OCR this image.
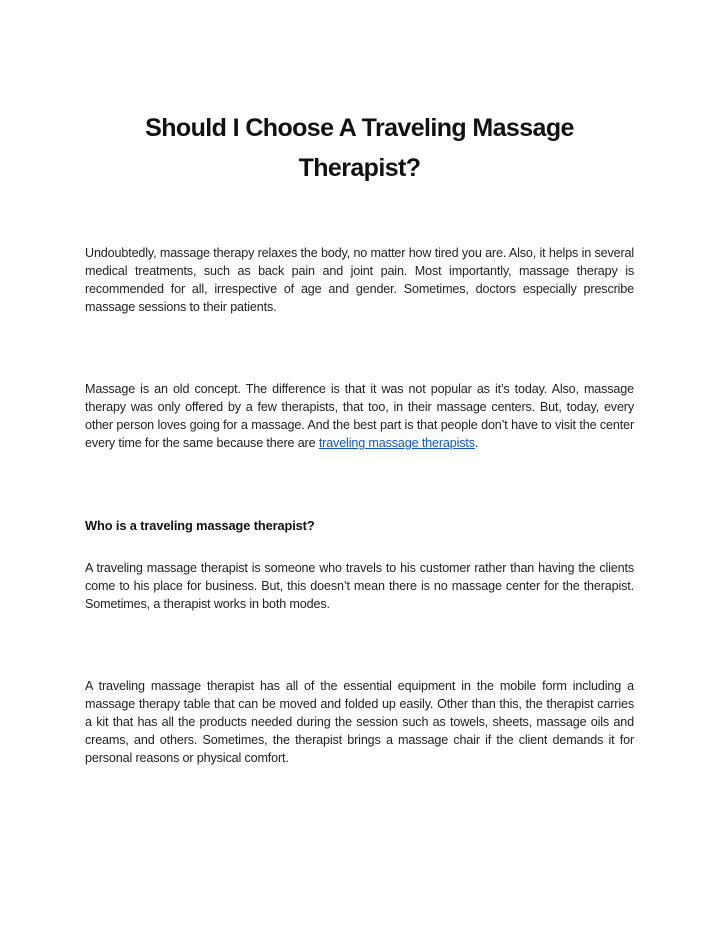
Should I Choose A Traveling Massage Therapist?

Undoubtedly, massage therapy relaxes the body, no matter how tired you are. Also, it helps in several medical treatments, such as back pain and joint pain. Most importantly, massage therapy is recommended for all, irrespective of age and gender. Sometimes, doctors especially prescribe massage sessions to their patients.

Massage is an old concept. The difference is that it was not popular as it’s today. Also, massage therapy was only offered by a few therapists, that too, in their massage centers. But, today, every other person loves going for a massage. And the best part is that people don’t have to visit the center every time for the same because there are traveling massage therapists.

Who is a traveling massage therapist?

A traveling massage therapist is someone who travels to his customer rather than having the clients come to his place for business. But, this doesn’t mean there is no massage center for the therapist. Sometimes, a therapist works in both modes.

A traveling massage therapist has all of the essential equipment in the mobile form including a massage therapy table that can be moved and folded up easily. Other than this, the therapist carries a kit that has all the products needed during the session such as towels, sheets, massage oils and creams, and others. Sometimes, the therapist brings a massage chair if the client demands it for personal reasons or physical comfort.
